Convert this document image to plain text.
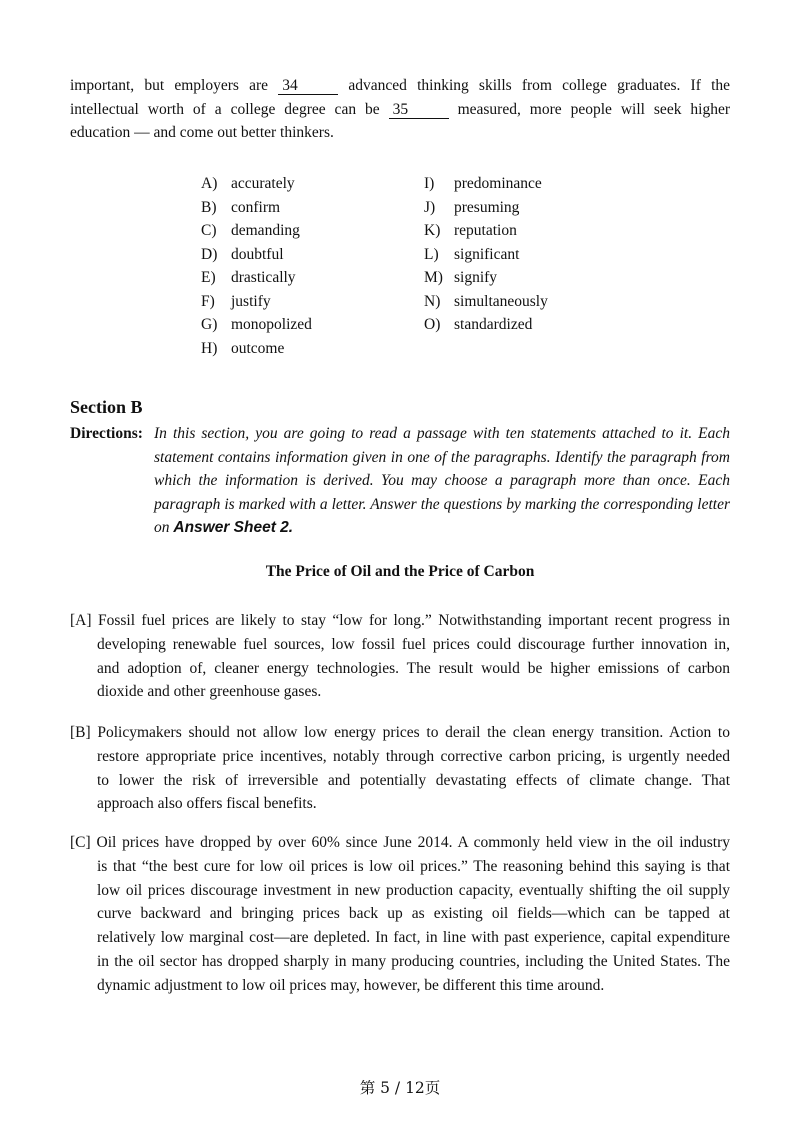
important, but employers are 34	advanced thinking skills from college graduates. If the
intellectual worth of a college degree can be 35	measured, more people will seek higher
education — and come out better thinkers.
A) accurately
B) confirm
C) demanding
D) doubtful
E) drastically
F)	justify
G) monopolized
H) outcome
I)	predominance
J)	presuming
K) reputation
L) significant
M) signify
N) simultaneously
O) standardized
Section B
Directions: In this section, you are going to read a passage with ten statements attached to it. Each
statement contains information given in one of the paragraphs. Identify the paragraph from
which the information is derived. You may choose a paragraph more than once. Each
paragraph is marked with a letter. Answer the questions by marking the corresponding letter
on Answer Sheet 2.
The Price of Oil and the Price of Carbon
[A] Fossil fuel prices are likely to stay “low for long.” Notwithstanding important recent progress in
developing renewable fuel sources, low fossil fuel prices could discourage further innovation in,
and adoption of, cleaner energy technologies. The result would be higher emissions of carbon
dioxide and other greenhouse gases.
[B] Policymakers should not allow low energy prices to derail the clean energy transition. Action to
restore appropriate price incentives, notably through corrective carbon pricing, is urgently needed
to lower the risk of irreversible and potentially devastating effects of climate change. That
approach also offers fiscal benefits.
[C] Oil prices have dropped by over 60% since June 2014. A commonly held view in the oil industry
is that “the best cure for low oil prices is low oil prices.” The reasoning behind this saying is that
low oil prices discourage investment in new production capacity, eventually shifting the oil supply
curve backward and bringing prices back up as existing oil fields—which can be tapped at
relatively low marginal cost—are depleted. In fact, in line with past experience, capital expenditure
in the oil sector has dropped sharply in many producing countries, including the United States. The
dynamic adjustment to low oil prices may, however, be different this time around.
第 5 / 12页
